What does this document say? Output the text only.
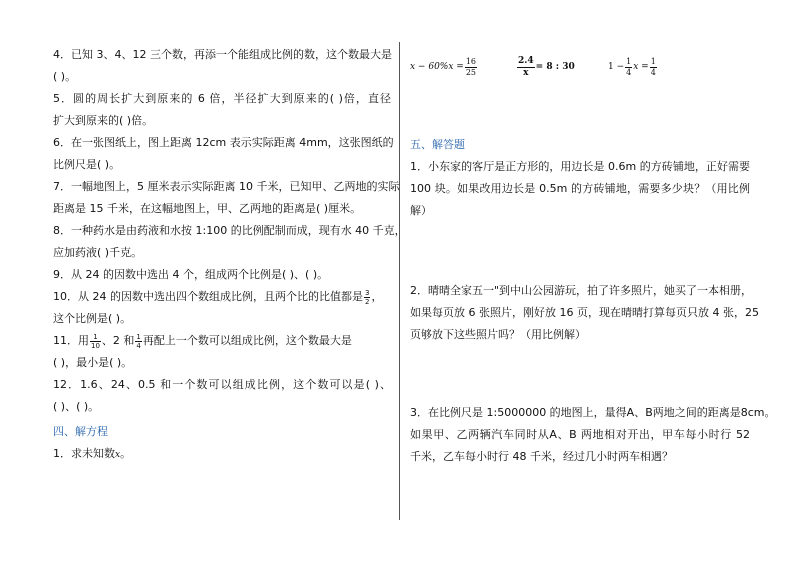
4．已知 3、4、12 三个数，再添一个能组成比例的数，这个数最大是
( )。
5．圆的周长扩大到原来的 6 倍，半径扩大到原来的( )倍，直径
扩大到原来的( )倍。
6．在一张图纸上，图上距离 12cm 表示实际距离 4mm，这张图纸的
比例尺是( )。
7．一幅地图上，5 厘米表示实际距离 10 千米，已知甲、乙两地的实际
距离是 15 千米，在这幅地图上，甲、乙两地的距离是( )厘米。
8．一种药水是由药液和水按 1:100 的比例配制而成，现有水 40 千克，
应加药液( )千克。
9．从 24 的因数中选出 4 个，组成两个比例是( )、( )。
10．从 24 的因数中选出四个数组成比例，且两个比的比值都是 $\frac{3}{2}$ ，
这个比例是( )。
11．用 $\frac{1}{10}$ 、2 和 $\frac{1}{4}$ 再配上一个数可以组成比例，这个数最大是
( )，最小是( )。
12．1.6、24、0.5 和一个数可以组成比例，这个数可以是( )、
( )、( )。
四、解方程
1．求未知数x。
$x - 60\%x = \frac{16}{25}$	$\frac{2.4}{x} = 8$ : 30	$1 - \frac{1}{4}$ $x = \frac{1}{4}$
五、解答题
1．小东家的客厅是正方形的，用边长是 0.6m 的方砖铺地，正好需要
100 块。如果改用边长是 0.5m 的方砖铺地，需要多少块？（用比例
解）
2．晴晴全家五一"到中山公园游玩，拍了许多照片，她买了一本相册，
如果每页放 6 张照片，刚好放 16 页，现在晴晴打算每页只放 4 张，25
页够放下这些照片吗？（用比例解）
3．在比例尺是 1:5000000 的地图上，量得A、B两地之间的距离是8cm。
如果甲、乙两辆汽车同时从A、B 两地相对开出，甲车每小时行 52
千米，乙车每小时行 48 千米，经过几小时两车相遇？
